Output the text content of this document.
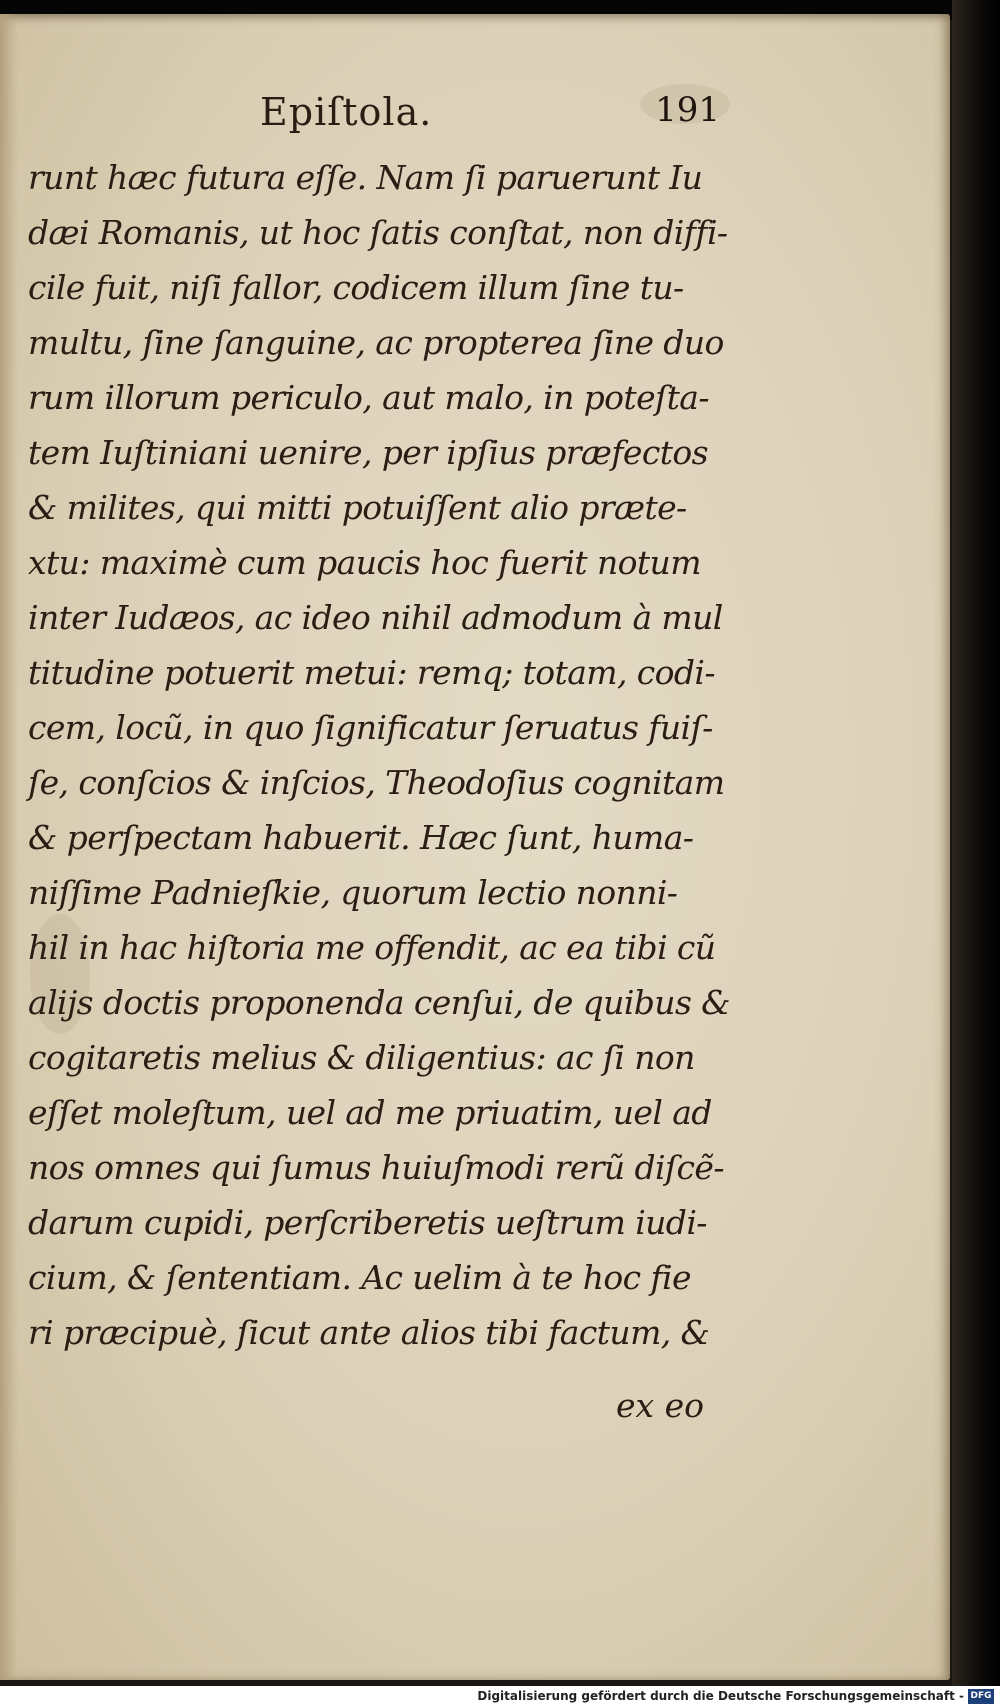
Epiſtola.	191
runt hæc futura eſſe. Nam ſi paruerunt Iu
dæi Romanis, ut hoc ſatis conſtat, non diffi-
cile fuit, niſi fallor, codicem illum ſine tu-
multu, ſine ſanguine, ac propterea ſine duo
rum illorum periculo, aut malo, in poteſta-
tem Iuſtiniani uenire, per ipſius præfectos
& milites, qui mitti potuiſſent alio præte-
xtu: maximè cum paucis hoc fuerit notum
inter Iudæos, ac ideo nihil admodum à mul
titudine potuerit metui: remq; totam, codi-
cem, locũ, in quo ſignificatur ſeruatus fuiſ-
ſe, conſcios & inſcios, Theodoſius cognitam
& perſpectam habuerit. Hæc ſunt, huma-
niſſime Padnieſkie, quorum lectio nonni-
hil in hac hiſtoria me offendit, ac ea tibi cũ
alijs doctis proponenda cenſui, de quibus &
cogitaretis melius & diligentius: ac ſi non
eſſet moleſtum, uel ad me priuatim, uel ad
nos omnes qui ſumus huiuſmodi rerũ diſcẽ-
darum cupidi, perſcriberetis ueſtrum iudi-
cium, & ſententiam. Ac uelim à te hoc fie
ri præcipuè, ſicut ante alios tibi factum, &
ex eo
Digitalisierung gefördert durch die Deutsche Forschungsgemeinschaft - DFG
